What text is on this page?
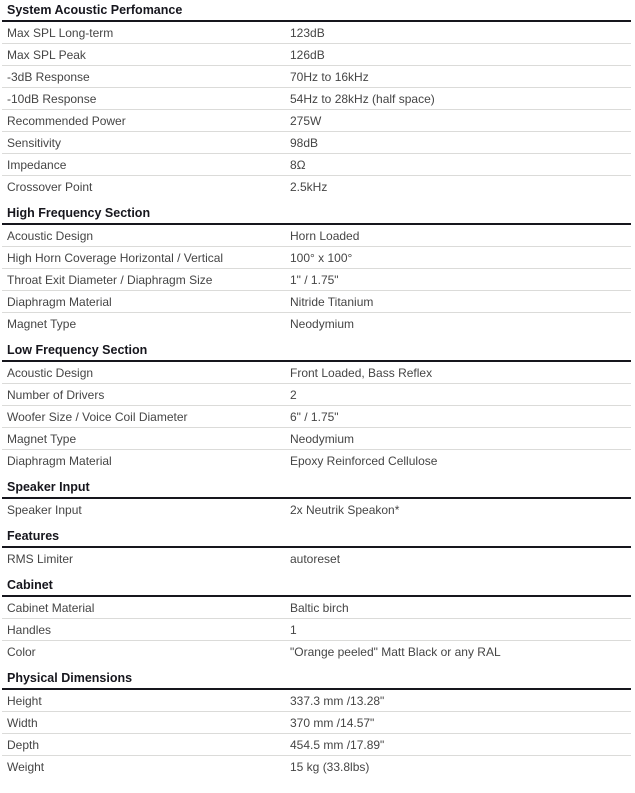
System Acoustic Perfomance
Max SPL Long-term	123dB
Max SPL Peak	126dB
-3dB Response	70Hz to 16kHz
-10dB Response	54Hz to 28kHz (half space)
Recommended Power	275W
Sensitivity	98dB
Impedance	8Ω
Crossover Point	2.5kHz
High Frequency Section
Acoustic Design	Horn Loaded
High Horn Coverage Horizontal / Vertical	100° x 100°
Throat Exit Diameter / Diaphragm Size	1" / 1.75"
Diaphragm Material	Nitride Titanium
Magnet Type	Neodymium
Low Frequency Section
Acoustic Design	Front Loaded, Bass Reflex
Number of Drivers	2
Woofer Size / Voice Coil Diameter	6" / 1.75"
Magnet Type	Neodymium
Diaphragm Material	Epoxy Reinforced Cellulose
Speaker Input
Speaker Input	2x Neutrik Speakon*
Features
RMS Limiter	autoreset
Cabinet
Cabinet Material	Baltic birch
Handles	1
Color	"Orange peeled" Matt Black or any RAL
Physical Dimensions
Height	337.3 mm /13.28"
Width	370 mm /14.57"
Depth	454.5 mm /17.89"
Weight	15 kg (33.8lbs)
